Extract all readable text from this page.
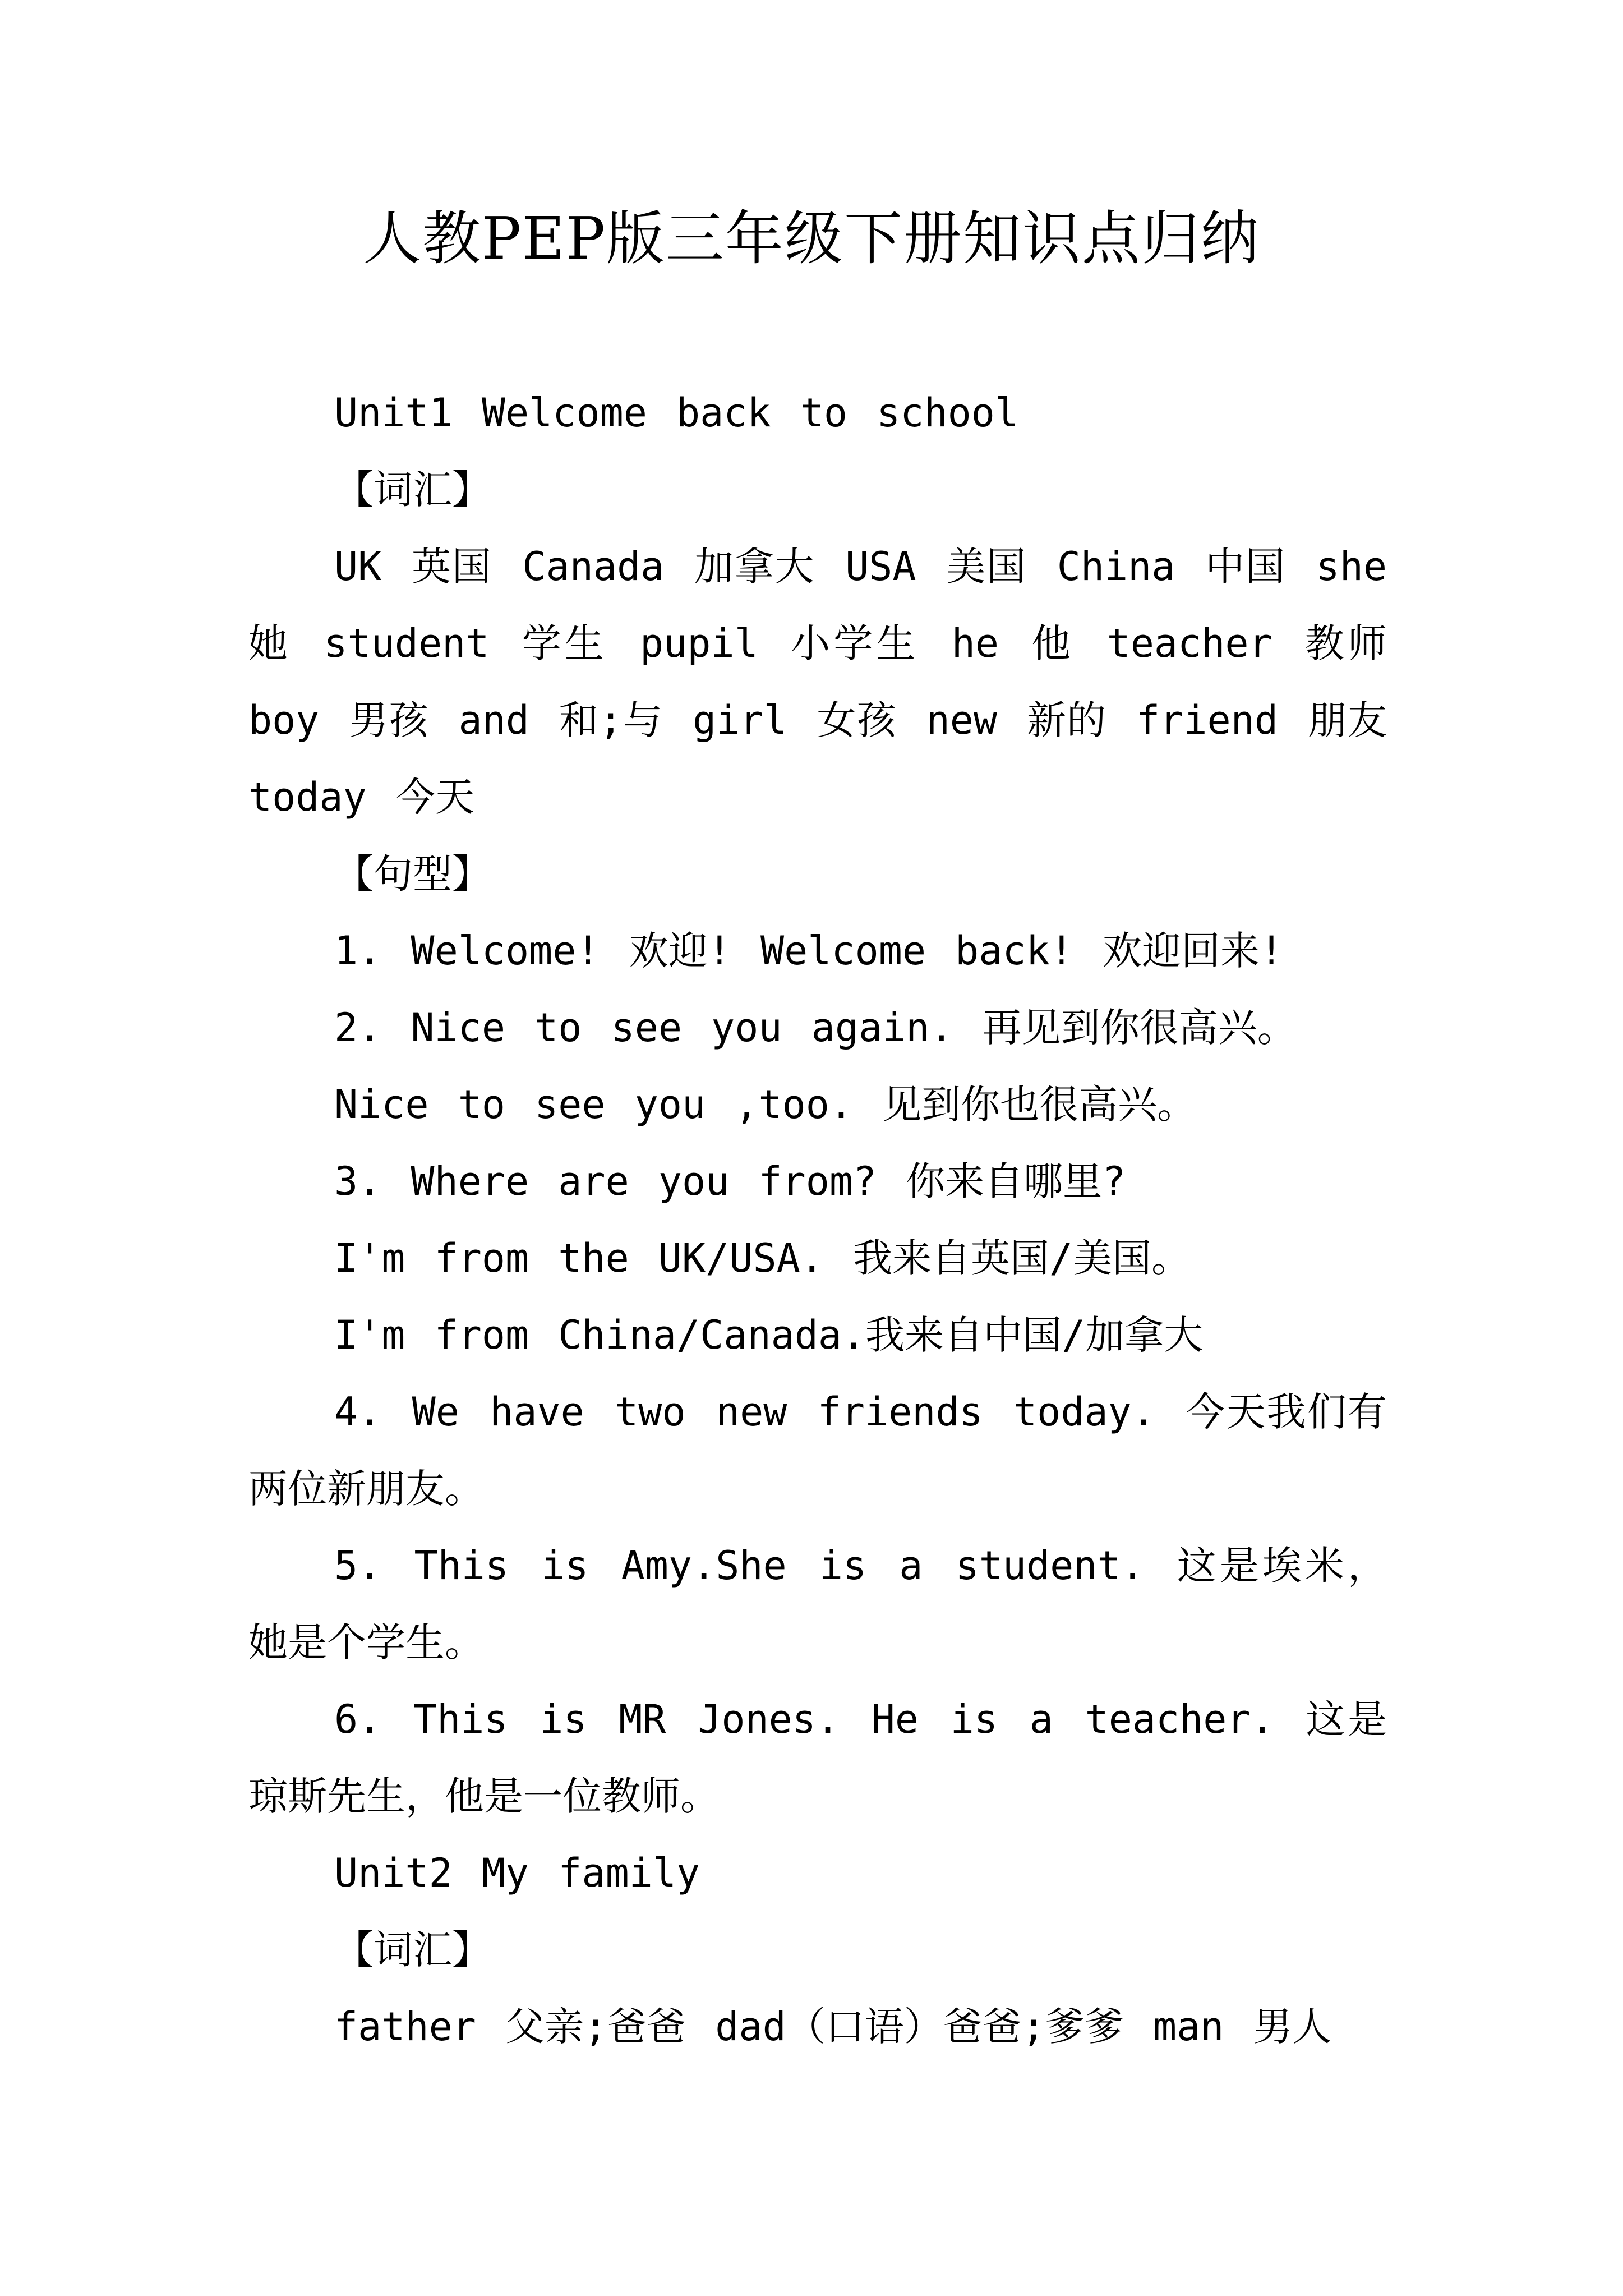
人教PEP版三年级下册知识点归纳

Unit1 Welcome back to school

【词汇】

UK 英国 Canada 加拿大 USA 美国 China 中国 she 她 student 学生 pupil 小学生 he 他 teacher 教师 boy 男孩 and 和;与 girl 女孩 new 新的 friend 朋友 today 今天

【句型】

1. Welcome! 欢迎! Welcome back! 欢迎回来!

2. Nice to see you again. 再见到你很高兴。

Nice to see you ,too. 见到你也很高兴。

3. Where are you from? 你来自哪里?

I'm from the UK/USA. 我来自英国/美国。

I'm from China/Canada.我来自中国/加拿大

4. We have two new friends today. 今天我们有两位新朋友。

5. This is Amy.She is a student. 这是埃米，她是个学生。

6. This is MR Jones. He is a teacher. 这是琼斯先生，他是一位教师。

Unit2 My family

【词汇】

father 父亲;爸爸 dad（口语）爸爸;爹爹 man 男人
